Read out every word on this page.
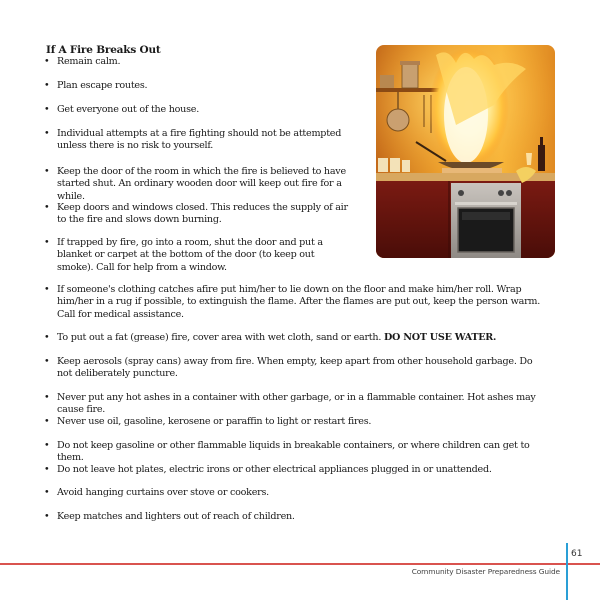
If A Fire Breaks Out
• Remain calm.
• Plan escape routes.
• Get everyone out of the house.
• Individual attempts at a fire fighting should not be attempted unless there is no risk to yourself.
• Keep the door of the room in which the fire is believed to have started shut. An ordinary wooden door will keep out fire for a while.
• Keep doors and windows closed. This reduces the supply of air to the fire and slows down burning.
• If trapped by fire, go into a room, shut the door and put a blanket or carpet at the bottom of the door (to keep out smoke). Call for help from a window.
• If someone's clothing catches afire put him/her to lie down on the floor and make him/her roll. Wrap him/her in a rug if possible, to extinguish the flame. After the flames are put out, keep the person warm. Call for medical assistance.
• To put out a fat (grease) fire, cover area with wet cloth, sand or earth. DO NOT USE WATER.
• Keep aerosols (spray cans) away from fire. When empty, keep apart from other household garbage. Do not deliberately puncture.
• Never put any hot ashes in a container with other garbage, or in a flammable container. Hot ashes may cause fire.
• Never use oil, gasoline, kerosene or paraffin to light or restart fires.
• Do not keep gasoline or other flammable liquids in breakable containers, or where children can get to them.
• Do not leave hot plates, electric irons or other electrical appliances plugged in or unattended.
• Avoid hanging curtains over stove or cookers.
• Keep matches and lighters out of reach of children.
61
Community Disaster Preparedness Guide
